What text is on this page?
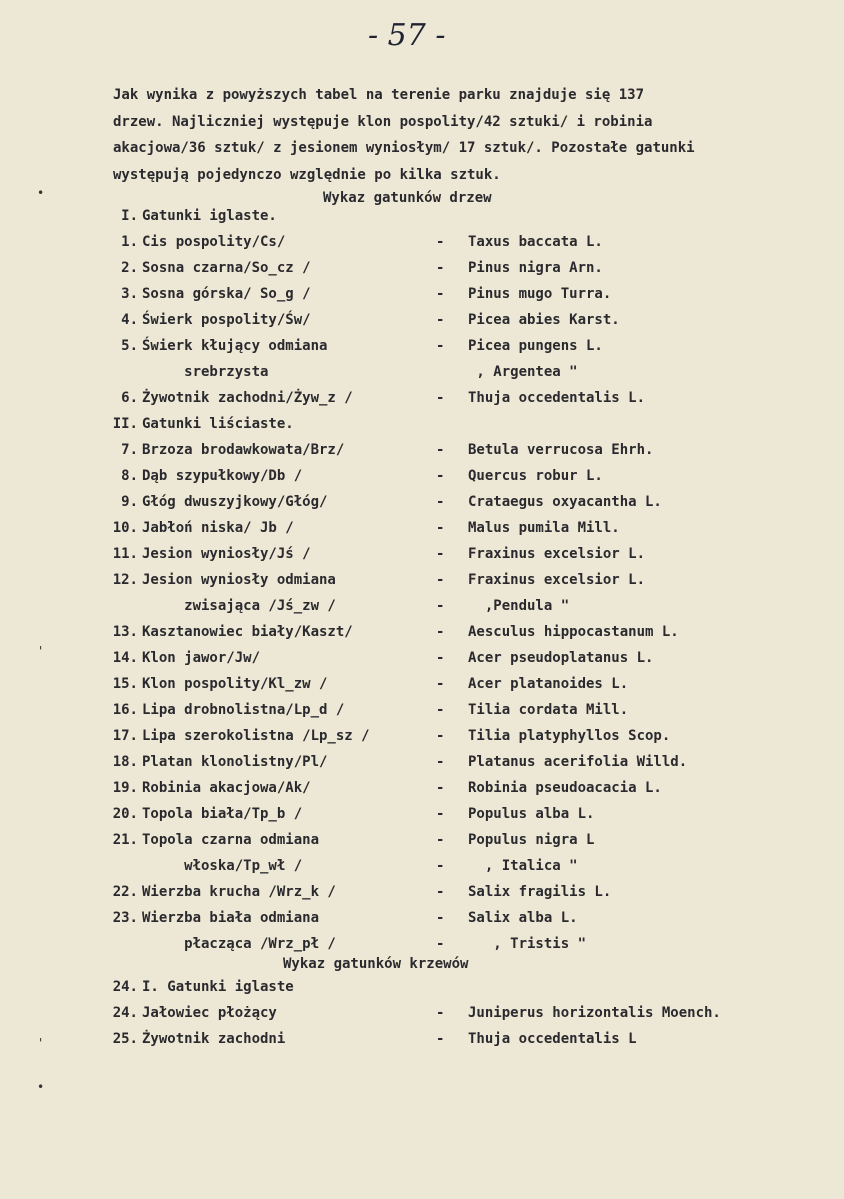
- 57 -
Jak wynika z powyższych tabel na terenie parku znajduje się 137
drzew. Najliczniej występuje klon pospolity/42 sztuki/ i robinia
akacjowa/36 sztuk/ z jesionem wyniosłym/ 17 sztuk/. Pozostałe gatunki
występują pojedynczo względnie po kilka sztuk.
Wykaz gatunków drzew
I. Gatunki iglaste.
1. Cis pospolity/Cs/	- Taxus baccata L.
2. Sosna czarna/So_cz /	- Pinus nigra Arn.
3. Sosna górska/ So_g /	- Pinus mugo Turra.
4. Świerk pospolity/Św/	- Picea abies Karst.
5. Świerk kłujący odmiana	- Picea pungens L.
srebrzysta	, Argentea "
6. Żywotnik zachodni/Żyw_z /	- Thuja occedentalis L.
II. Gatunki liściaste.
7. Brzoza brodawkowata/Brz/	- Betula verrucosa Ehrh.
8. Dąb szypułkowy/Db /	- Quercus robur L.
9. Głóg dwuszyjkowy/Głóg/	- Crataegus oxyacantha L.
10. Jabłoń niska/ Jb /	- Malus pumila Mill.
11. Jesion wyniosły/Jś /	- Fraxinus excelsior L.
12. Jesion wyniosły odmiana	- Fraxinus excelsior L.
zwisająca /Jś_zw /	- ,Pendula "
13. Kasztanowiec biały/Kaszt/	- Aesculus hippocastanum L.
14. Klon jawor/Jw/	- Acer pseudoplatanus L.
15. Klon pospolity/Kl_zw /	- Acer platanoides L.
16. Lipa drobnolistna/Lp_d /	- Tilia cordata Mill.
17. Lipa szerokolistna /Lp_sz /	- Tilia platyphyllos Scop.
18. Platan klonolistny/Pl/	- Platanus acerifolia Willd.
19. Robinia akacjowa/Ak/	- Robinia pseudoacacia L.
20. Topola biała/Tp_b /	- Populus alba L.
21. Topola czarna odmiana	- Populus nigra L
włoska/Tp_wł /	- , Italica "
22. Wierzba krucha /Wrz_k /	- Salix fragilis L.
23. Wierzba biała odmiana	- Salix alba L.
płacząca /Wrz_pł /	- , Tristis "
Wykaz gatunków krzewów
24. I. Gatunki iglaste
24. Jałowiec płożący	- Juniperus horizontalis Moench.
25. Żywotnik zachodni	- Thuja occedentalis L
•
'
'
•
